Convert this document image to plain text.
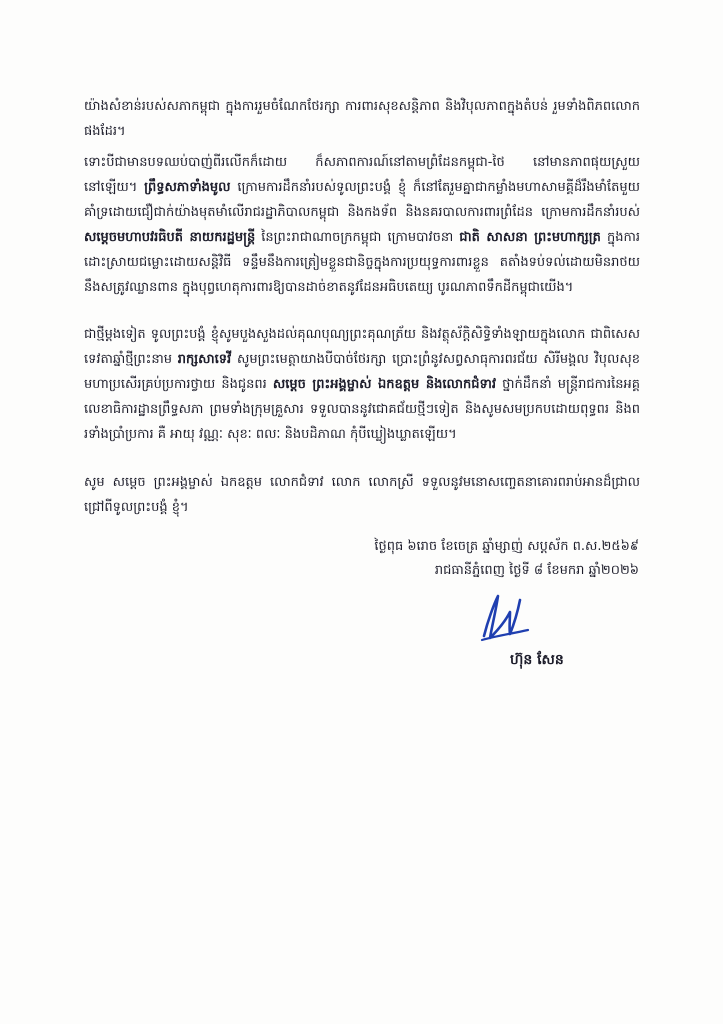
យ៉ាងសំខាន់របស់សភាកម្ពុជា ក្នុងការរួមចំណែកថែរក្សា ការពារសុខសន្តិភាព និងវិបុលភាពក្នុងតំបន់ រួមទាំងពិភពលោកផងដែរ។

ទោះបីជាមានបទឈប់បាញ់ពីរលើកក៏ដោយ ក៏សភាពការណ៍នៅតាមព្រំដែនកម្ពុជា-ថៃ នៅមានភាពផុយស្រួយនៅឡើយ។ ព្រឹទ្ធសភាទាំងមូល ក្រោមការដឹកនាំរបស់ទូលព្រះបង្គំ ខ្ញុំ ក៏នៅតែរួមគ្នាជាកម្លាំងមហាសាមគ្គីដ៏រឹងមាំតែមួយ គាំទ្រដោយជឿជាក់យ៉ាងមុតមាំលើរាជរដ្ឋាភិបាលកម្ពុជា និងកងទ័ព និងនគរបាលការពារព្រំដែន ក្រោមការដឹកនាំរបស់សម្តេចមហាបវរធិបតី នាយករដ្ឋមន្ត្រី នៃព្រះរាជាណាចក្រកម្ពុជា ក្រោមបាវចនា ជាតិ សាសនា ព្រះមហាក្សត្រ ក្នុងការដោះស្រាយជម្លោះដោយសន្តិវិធី ទន្ទឹមនឹងការត្រៀមខ្លួនជានិច្ចក្នុងការប្រយុទ្ធការពារខ្លួន តតាំងទប់ទល់ដោយមិនរាថយនឹងសត្រូវឈ្លានពាន ក្នុងបុព្វហេតុការពារឱ្យបានដាច់ខាតនូវដែនអធិបតេយ្យ បូរណភាពទឹកដីកម្ពុជាយើង។

ជាថ្មីម្តងទៀត ទូលព្រះបង្គំ ខ្ញុំសូមបួងសួងដល់គុណបុណ្យព្រះគុណត្រ័យ និងវត្ថុស័ក្តិសិទ្ធិទាំងឡាយក្នុងលោក ជាពិសេសទេវតាឆ្នាំថ្មីព្រះនាម រាក្សសាទេវី សូមព្រះមេត្តាយាងបីបាច់ថែរក្សា ប្រោះព្រំនូវសព្វសាធុការពរជ័យ សិរីមង្គល វិបុលសុខ មហាប្រសើរគ្រប់ប្រការថ្វាយ និងជូនពរ សម្តេច ព្រះអង្គម្ចាស់ ឯកឧត្តម និងលោកជំទាវ ថ្នាក់ដឹកនាំ មន្ត្រីរាជការនៃអគ្គលេខាធិការដ្ឋានព្រឹទ្ធសភា ព្រមទាំងក្រុមគ្រួសារ ទទួលបាននូវជោគជ័យថ្មីៗទៀត និងសូមសមប្រកបដោយពុទ្ធពរ និងពរទាំងប្រាំប្រការ គឺ អាយុ វណ្ណៈ សុខៈ ពលៈ និងបដិភាណ កុំបីឃ្លៀងឃ្លាតឡើយ។

សូម សម្តេច ព្រះអង្គម្ចាស់ ឯកឧត្តម លោកជំទាវ លោក លោកស្រី ទទួលនូវមនោសញ្ចេតនាគោរពរាប់អានដ៏ជ្រាលជ្រៅពីទូលព្រះបង្គំ ខ្ញុំ។

ថ្ងៃពុធ ៦រោច ខែចេត្រ ឆ្នាំម្សាញ់ សប្តស័ក ព.ស.២៥៦៩
រាជធានីភ្នំពេញ ថ្ងៃទី ៨ ខែមករា ឆ្នាំ២០២៦
ហ៊ុន សែន
